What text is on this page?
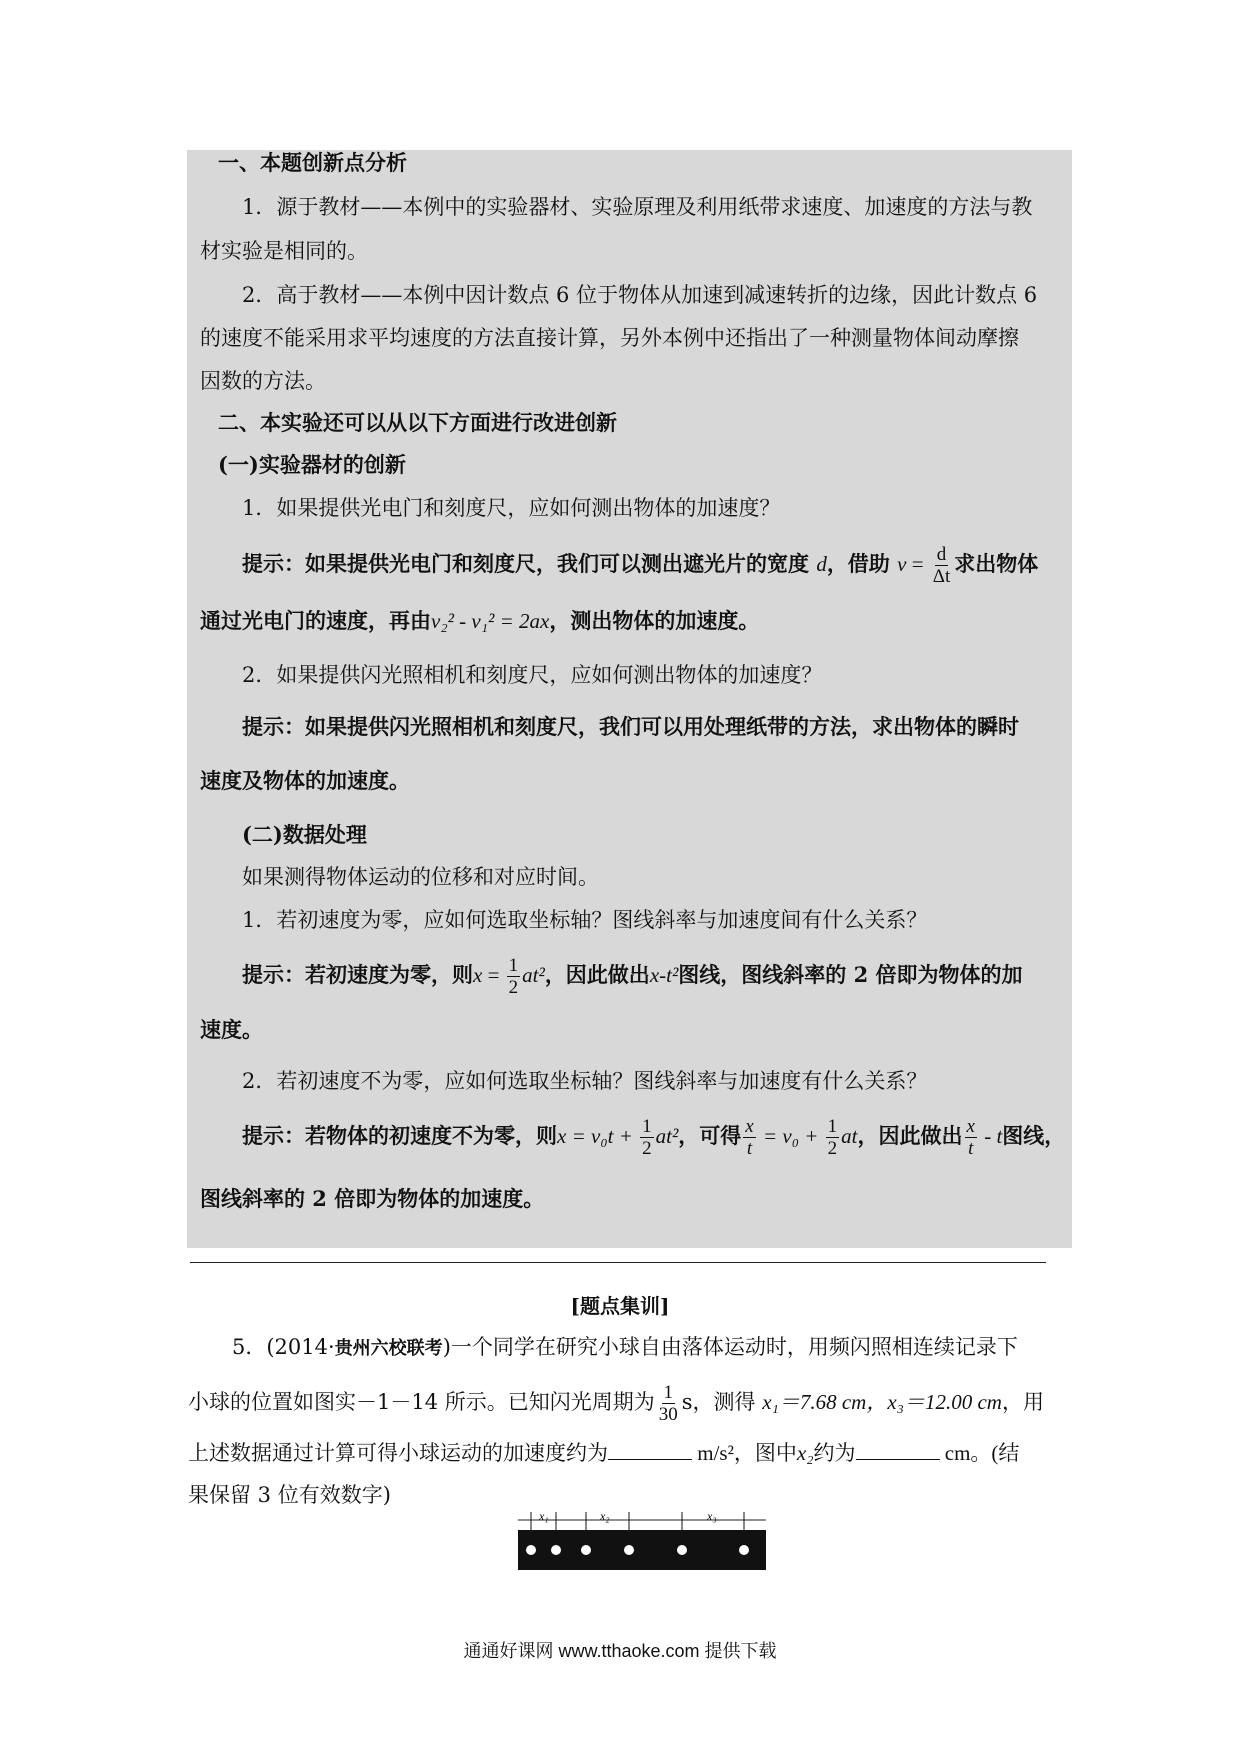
一、本题创新点分析
1．源于教材——本例中的实验器材、实验原理及利用纸带求速度、加速度的方法与教
材实验是相同的。
2．高于教材——本例中因计数点 6 位于物体从加速到减速转折的边缘，因此计数点 6
的速度不能采用求平均速度的方法直接计算，另外本例中还指出了一种测量物体间动摩擦
因数的方法。
二、本实验还可以从以下方面进行改进创新
(一)实验器材的创新
1．如果提供光电门和刻度尺，应如何测出物体的加速度？
提示：如果提供光电门和刻度尺，我们可以测出遮光片的宽度 d，借助 $v = \frac{d}{\Delta t}$ 求出物体
通过光电门的速度，再由v₂² - v₁² = 2ax，测出物体的加速度。
2．如果提供闪光照相机和刻度尺，应如何测出物体的加速度？
提示：如果提供闪光照相机和刻度尺，我们可以用处理纸带的方法，求出物体的瞬时
速度及物体的加速度。
(二)数据处理
如果测得物体运动的位移和对应时间。
1．若初速度为零，应如何选取坐标轴？图线斜率与加速度间有什么关系？
提示：若初速度为零，则$x = \frac{1}{2} at^2$，因此做出x-t²图线，图线斜率的 2 倍即为物体的加
速度。
2．若初速度不为零，应如何选取坐标轴？图线斜率与加速度有什么关系？
提示：若物体的初速度不为零，则$x = v_0t + \frac{1}{2} at^2$，可得 $\frac{x}{t} = v_0 + \frac{1}{2}$ at，因此做出 $\frac{x}{t}$ - t图线，
图线斜率的 2 倍即为物体的加速度。
[题点集训]
5．(2014·贵州六校联考)一个同学在研究小球自由落体运动时，用频闪照相连续记录下
小球的位置如图实－1－14 所示。已知闪光周期为 $\frac{1}{30}$ s，测得 x₁＝7.68 cm，x₃＝12.00 cm，用
上述数据通过计算可得小球运动的加速度约为	m/s²，图中x₂约为	cm。(结
果保留 3 位有效数字)
x₁	x₂	x₃
通通好课网 www.tthaoke.com 提供下载
